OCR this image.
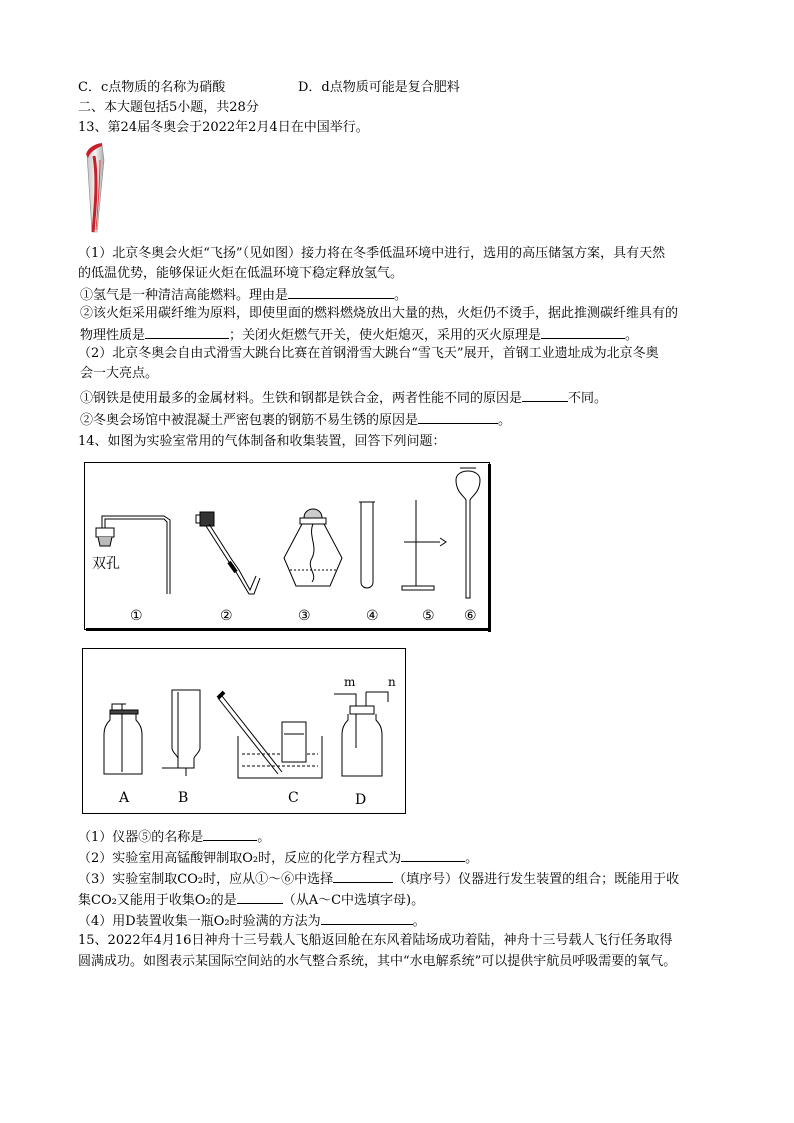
C．c点物质的名称为硝酸	D．d点物质可能是复合肥料
二、本大题包括5小题，共28分
13、第24届冬奥会于2022年2月4日在中国举行。
（1）北京冬奥会火炬“飞扬”（见如图）接力将在冬季低温环境中进行，选用的高压储氢方案，具有天然
的低温优势，能够保证火炬在低温环境下稳定释放氢气。
①氢气是一种清洁高能燃料。理由是	。
②该火炬采用碳纤维为原料，即使里面的燃料燃烧放出大量的热，火炬仍不烫手，据此推测碳纤维具有的
物理性质是	；关闭火炬燃气开关，使火炬熄灭，采用的灭火原理是	。
（2）北京冬奥会自由式滑雪大跳台比赛在首钢滑雪大跳台“雪飞天”展开，首钢工业遗址成为北京冬奥
会一大亮点。
①钢铁是使用最多的金属材料。生铁和钢都是铁合金，两者性能不同的原因是	不同。
②冬奥会场馆中被混凝土严密包裹的钢筋不易生锈的原因是	。
14、如图为实验室常用的气体制备和收集装置，回答下列问题：
双孔
①	②	③	④	⑤ ⑥
m	n
A	B	C	D
（1）仪器⑤的名称是	。
（2）实验室用高锰酸钾制取O₂时，反应的化学方程式为	。
（3）实验室制取CO₂时，应从①～⑥中选择	（填序号）仪器进行发生装置的组合；既能用于收
集CO₂又能用于收集O₂的是	（从A～C中选填字母)。
（4）用D装置收集一瓶O₂时验满的方法为	。
15、2022年4月16日神舟十三号载人飞船返回舱在东风着陆场成功着陆，神舟十三号载人飞行任务取得
圆满成功。如图表示某国际空间站的水气整合系统，其中“水电解系统”可以提供宇航员呼吸需要的氧气。
